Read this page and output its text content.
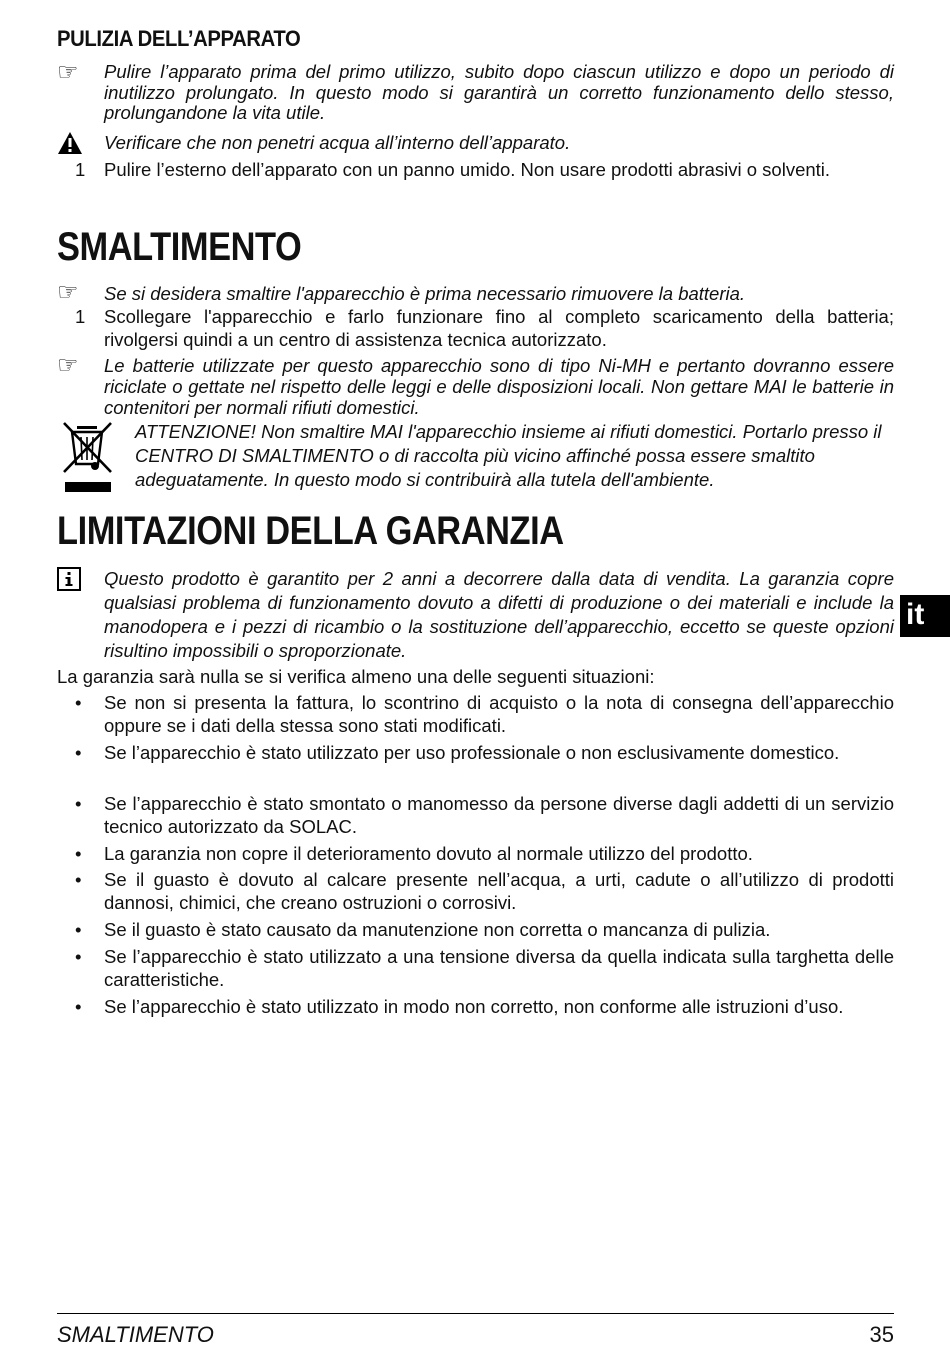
PULIZIA DELL’APPARATO
☞	Pulire l’apparato prima del primo utilizzo, subito dopo ciascun utilizzo e dopo un periodo di inutilizzo prolungato. In questo modo si garantirà un corretto funzionamento dello stesso, prolungandone la vita utile.
Verificare che non penetri acqua all’interno dell’apparato.
1 Pulire l’esterno dell’apparato con un panno umido. Non usare prodotti abrasivi o solventi.
SMALTIMENTO
☞	Se si desidera smaltire l'apparecchio è prima necessario rimuovere la batteria.
1 Scollegare l'apparecchio e farlo funzionare fino al completo scaricamento della batteria; rivolgersi quindi a un centro di assistenza tecnica autorizzato.
☞	Le batterie utilizzate per questo apparecchio sono di tipo Ni-MH e pertanto dovranno essere riciclate o gettate nel rispetto delle leggi e delle disposizioni locali. Non gettare MAI le batterie in contenitori per normali rifiuti domestici.
ATTENZIONE! Non smaltire MAI l'apparecchio insieme ai rifiuti domestici. Portarlo presso il CENTRO DI SMALTIMENTO o di raccolta più vicino affinché possa essere smaltito adeguatamente. In questo modo si contribuirà alla tutela dell'ambiente.
LIMITAZIONI DELLA GARANZIA
Questo prodotto è garantito per 2 anni a decorrere dalla data di vendita. La garanzia copre qualsiasi problema di funzionamento dovuto a difetti di produzione o dei materiali e include la manodopera e i pezzi di ricambio o la sostituzione dell’apparecchio, eccetto se queste opzioni risultino impossibili o sproporzionate.
La garanzia sarà nulla se si verifica almeno una delle seguenti situazioni:
• Se non si presenta la fattura, lo scontrino di acquisto o la nota di consegna dell’apparecchio oppure se i dati della stessa sono stati modificati.
• Se l’apparecchio è stato utilizzato per uso professionale o non esclusivamente domestico.
• Se l’apparecchio è stato smontato o manomesso da persone diverse dagli addetti di un servizio tecnico autorizzato da SOLAC.
• La garanzia non copre il deterioramento dovuto al normale utilizzo del prodotto.
• Se il guasto è dovuto al calcare presente nell’acqua, a urti, cadute o all’utilizzo di prodotti dannosi, chimici, che creano ostruzioni o corrosivi.
• Se il guasto è stato causato da manutenzione non corretta o mancanza di pulizia.
• Se l’apparecchio è stato utilizzato a una tensione diversa da quella indicata sulla targhetta delle caratteristiche.
• Se l’apparecchio è stato utilizzato in modo non corretto, non conforme alle istruzioni d’uso.
it
SMALTIMENTO	35
